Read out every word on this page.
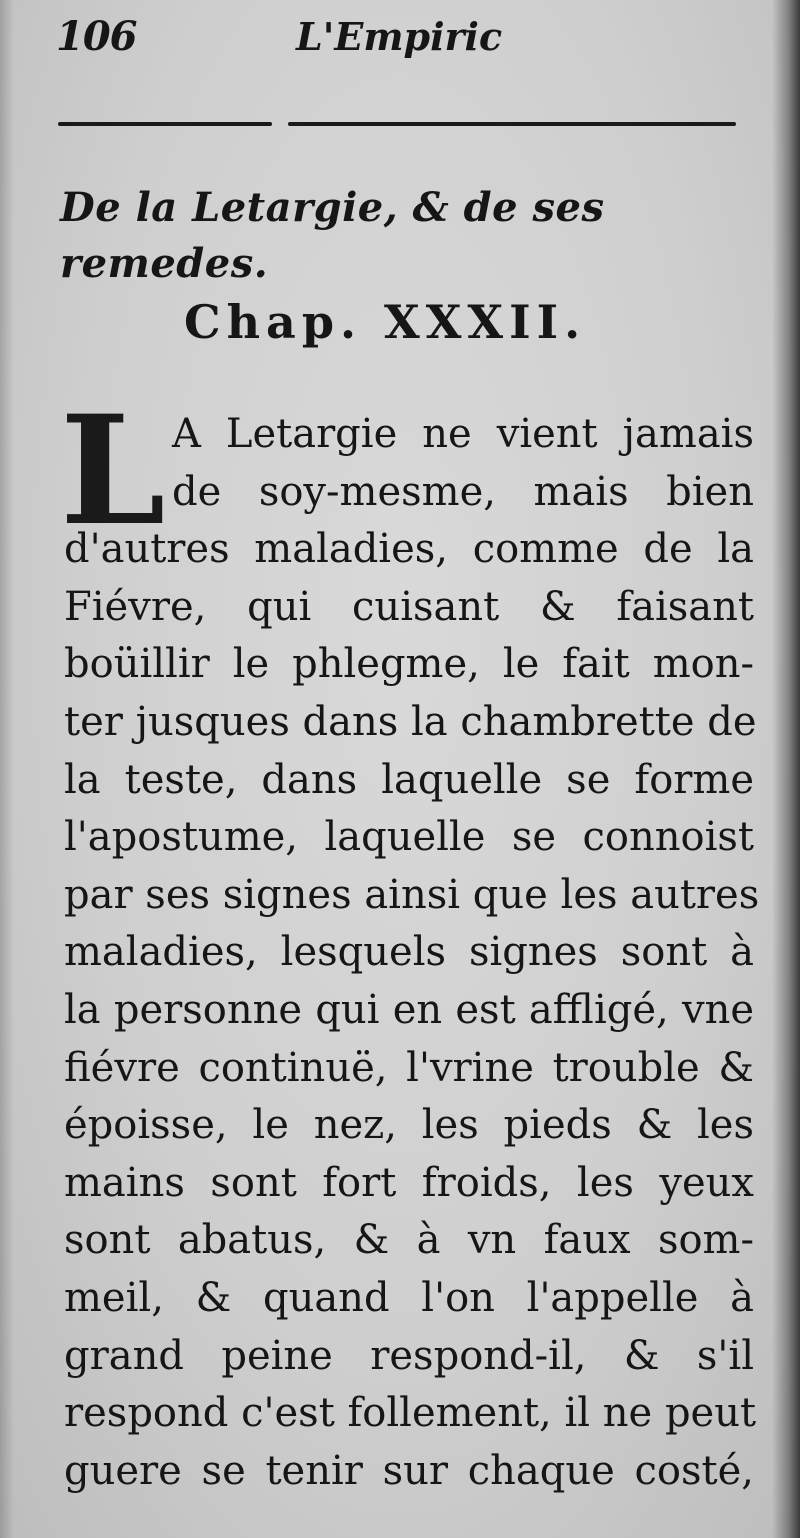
106	L'Empiric
De la Letargie, & de ses remedes.
Chap. XXXII.
L A Letargie ne vient jamais
de soy-mesme, mais bien
d'autres maladies, comme de la
Fiévre, qui cuisant & faisant
boüillir le phlegme, le fait mon-
ter jusques dans la chambrette de
la teste, dans laquelle se forme
l'apostume, laquelle se connoist
par ses signes ainsi que les autres
maladies, lesquels signes sont à
la personne qui en est affligé, vne
fiévre continuë, l'vrine trouble &
époisse, le nez, les pieds & les
mains sont fort froids, les yeux
sont abatus, & à vn faux som-
meil, & quand l'on l'appelle à
grand peine respond-il, & s'il
respond c'est follement, il ne peut
guere se tenir sur chaque costé,
